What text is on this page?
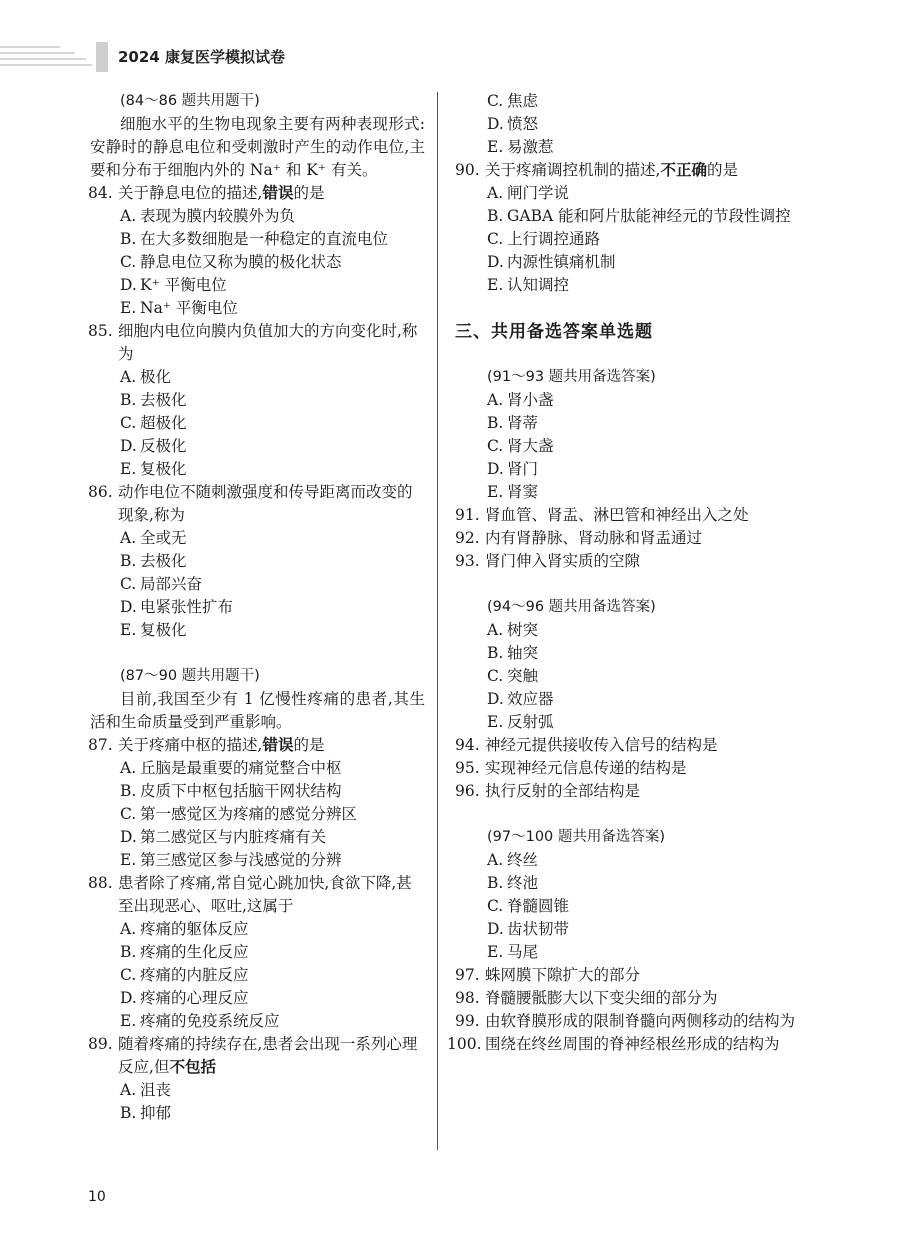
2024 康复医学模拟试卷
(84～86 题共用题干)
细胞水平的生物电现象主要有两种表现形式:安静时的静息电位和受刺激时产生的动作电位,主要和分布于细胞内外的 Na⁺ 和 K⁺ 有关。
84. 关于静息电位的描述,错误的是
A. 表现为膜内较膜外为负
B. 在大多数细胞是一种稳定的直流电位
C. 静息电位又称为膜的极化状态
D. K⁺ 平衡电位
E. Na⁺ 平衡电位
85. 细胞内电位向膜内负值加大的方向变化时,称为
A. 极化
B. 去极化
C. 超极化
D. 反极化
E. 复极化
86. 动作电位不随刺激强度和传导距离而改变的现象,称为
A. 全或无
B. 去极化
C. 局部兴奋
D. 电紧张性扩布
E. 复极化
(87～90 题共用题干)
目前,我国至少有 1 亿慢性疼痛的患者,其生活和生命质量受到严重影响。
87. 关于疼痛中枢的描述,错误的是
A. 丘脑是最重要的痛觉整合中枢
B. 皮质下中枢包括脑干网状结构
C. 第一感觉区为疼痛的感觉分辨区
D. 第二感觉区与内脏疼痛有关
E. 第三感觉区参与浅感觉的分辨
88. 患者除了疼痛,常自觉心跳加快,食欲下降,甚至出现恶心、呕吐,这属于
A. 疼痛的躯体反应
B. 疼痛的生化反应
C. 疼痛的内脏反应
D. 疼痛的心理反应
E. 疼痛的免疫系统反应
89. 随着疼痛的持续存在,患者会出现一系列心理反应,但不包括
A. 沮丧
B. 抑郁
C. 焦虑
D. 愤怒
E. 易激惹
90. 关于疼痛调控机制的描述,不正确的是
A. 闸门学说
B. GABA 能和阿片肽能神经元的节段性调控
C. 上行调控通路
D. 内源性镇痛机制
E. 认知调控
三、共用备选答案单选题
(91～93 题共用备选答案)
A. 肾小盏
B. 肾蒂
C. 肾大盏
D. 肾门
E. 肾窦
91. 肾血管、肾盂、淋巴管和神经出入之处
92. 内有肾静脉、肾动脉和肾盂通过
93. 肾门伸入肾实质的空隙
(94～96 题共用备选答案)
A. 树突
B. 轴突
C. 突触
D. 效应器
E. 反射弧
94. 神经元提供接收传入信号的结构是
95. 实现神经元信息传递的结构是
96. 执行反射的全部结构是
(97～100 题共用备选答案)
A. 终丝
B. 终池
C. 脊髓圆锥
D. 齿状韧带
E. 马尾
97. 蛛网膜下隙扩大的部分
98. 脊髓腰骶膨大以下变尖细的部分为
99. 由软脊膜形成的限制脊髓向两侧移动的结构为
100. 围绕在终丝周围的脊神经根丝形成的结构为
10
